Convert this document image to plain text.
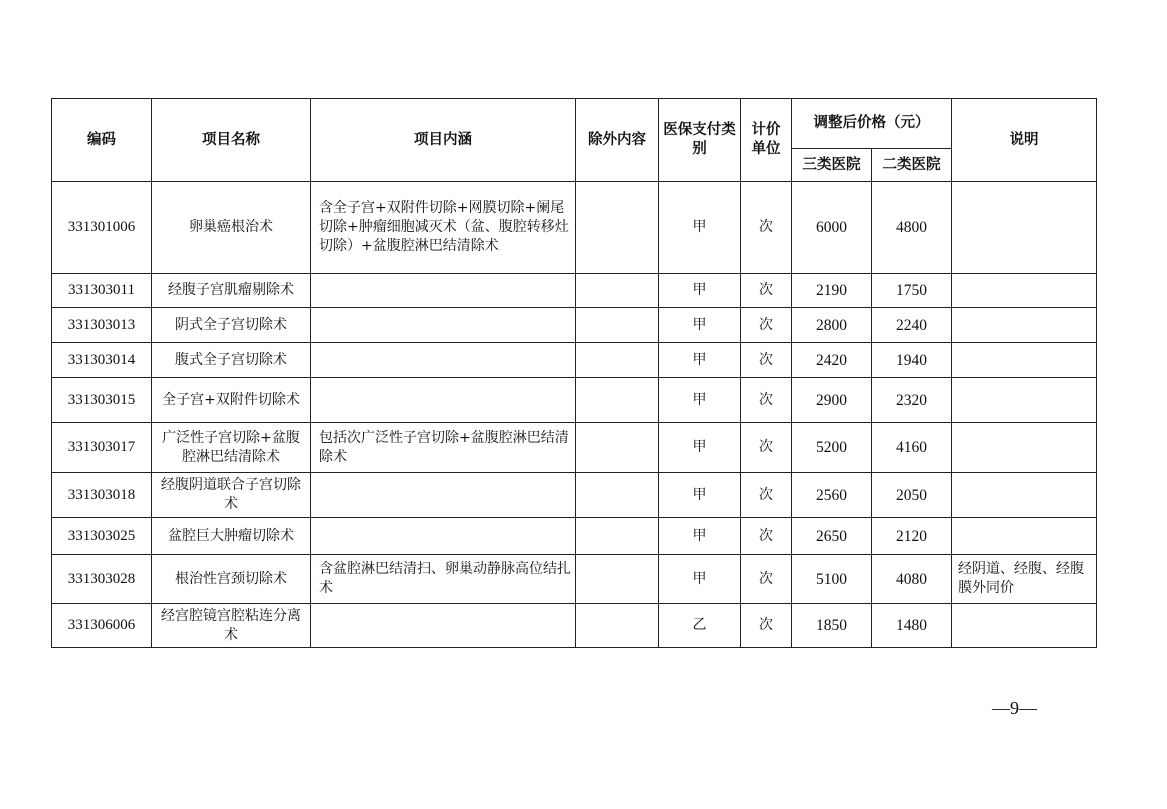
编码	项目名称	项目内涵	除外内容	医保支付类别	计价单位	调整后价格（元）		说明
						三类医院	二类医院	
331301006	卵巢癌根治术	含全子宫+双附件切除+网膜切除+阑尾切除+肿瘤细胞减灭术（盆、腹腔转移灶切除）+盆腹腔淋巴结清除术		甲	次	6000	4800	
331303011	经腹子宫肌瘤剔除术			甲	次	2190	1750	
331303013	阴式全子宫切除术			甲	次	2800	2240	
331303014	腹式全子宫切除术			甲	次	2420	1940	
331303015	全子宫+双附件切除术			甲	次	2900	2320	
331303017	广泛性子宫切除+盆腹腔淋巴结清除术	包括次广泛性子宫切除+盆腹腔淋巴结清除术		甲	次	5200	4160	
331303018	经腹阴道联合子宫切除术			甲	次	2560	2050	
331303025	盆腔巨大肿瘤切除术			甲	次	2650	2120	
331303028	根治性宫颈切除术	含盆腔淋巴结清扫、卵巢动静脉高位结扎术		甲	次	5100	4080	经阴道、经腹、经腹膜外同价
331306006	经宫腔镜宫腔粘连分离术			乙	次	1850	1480	
—9—
